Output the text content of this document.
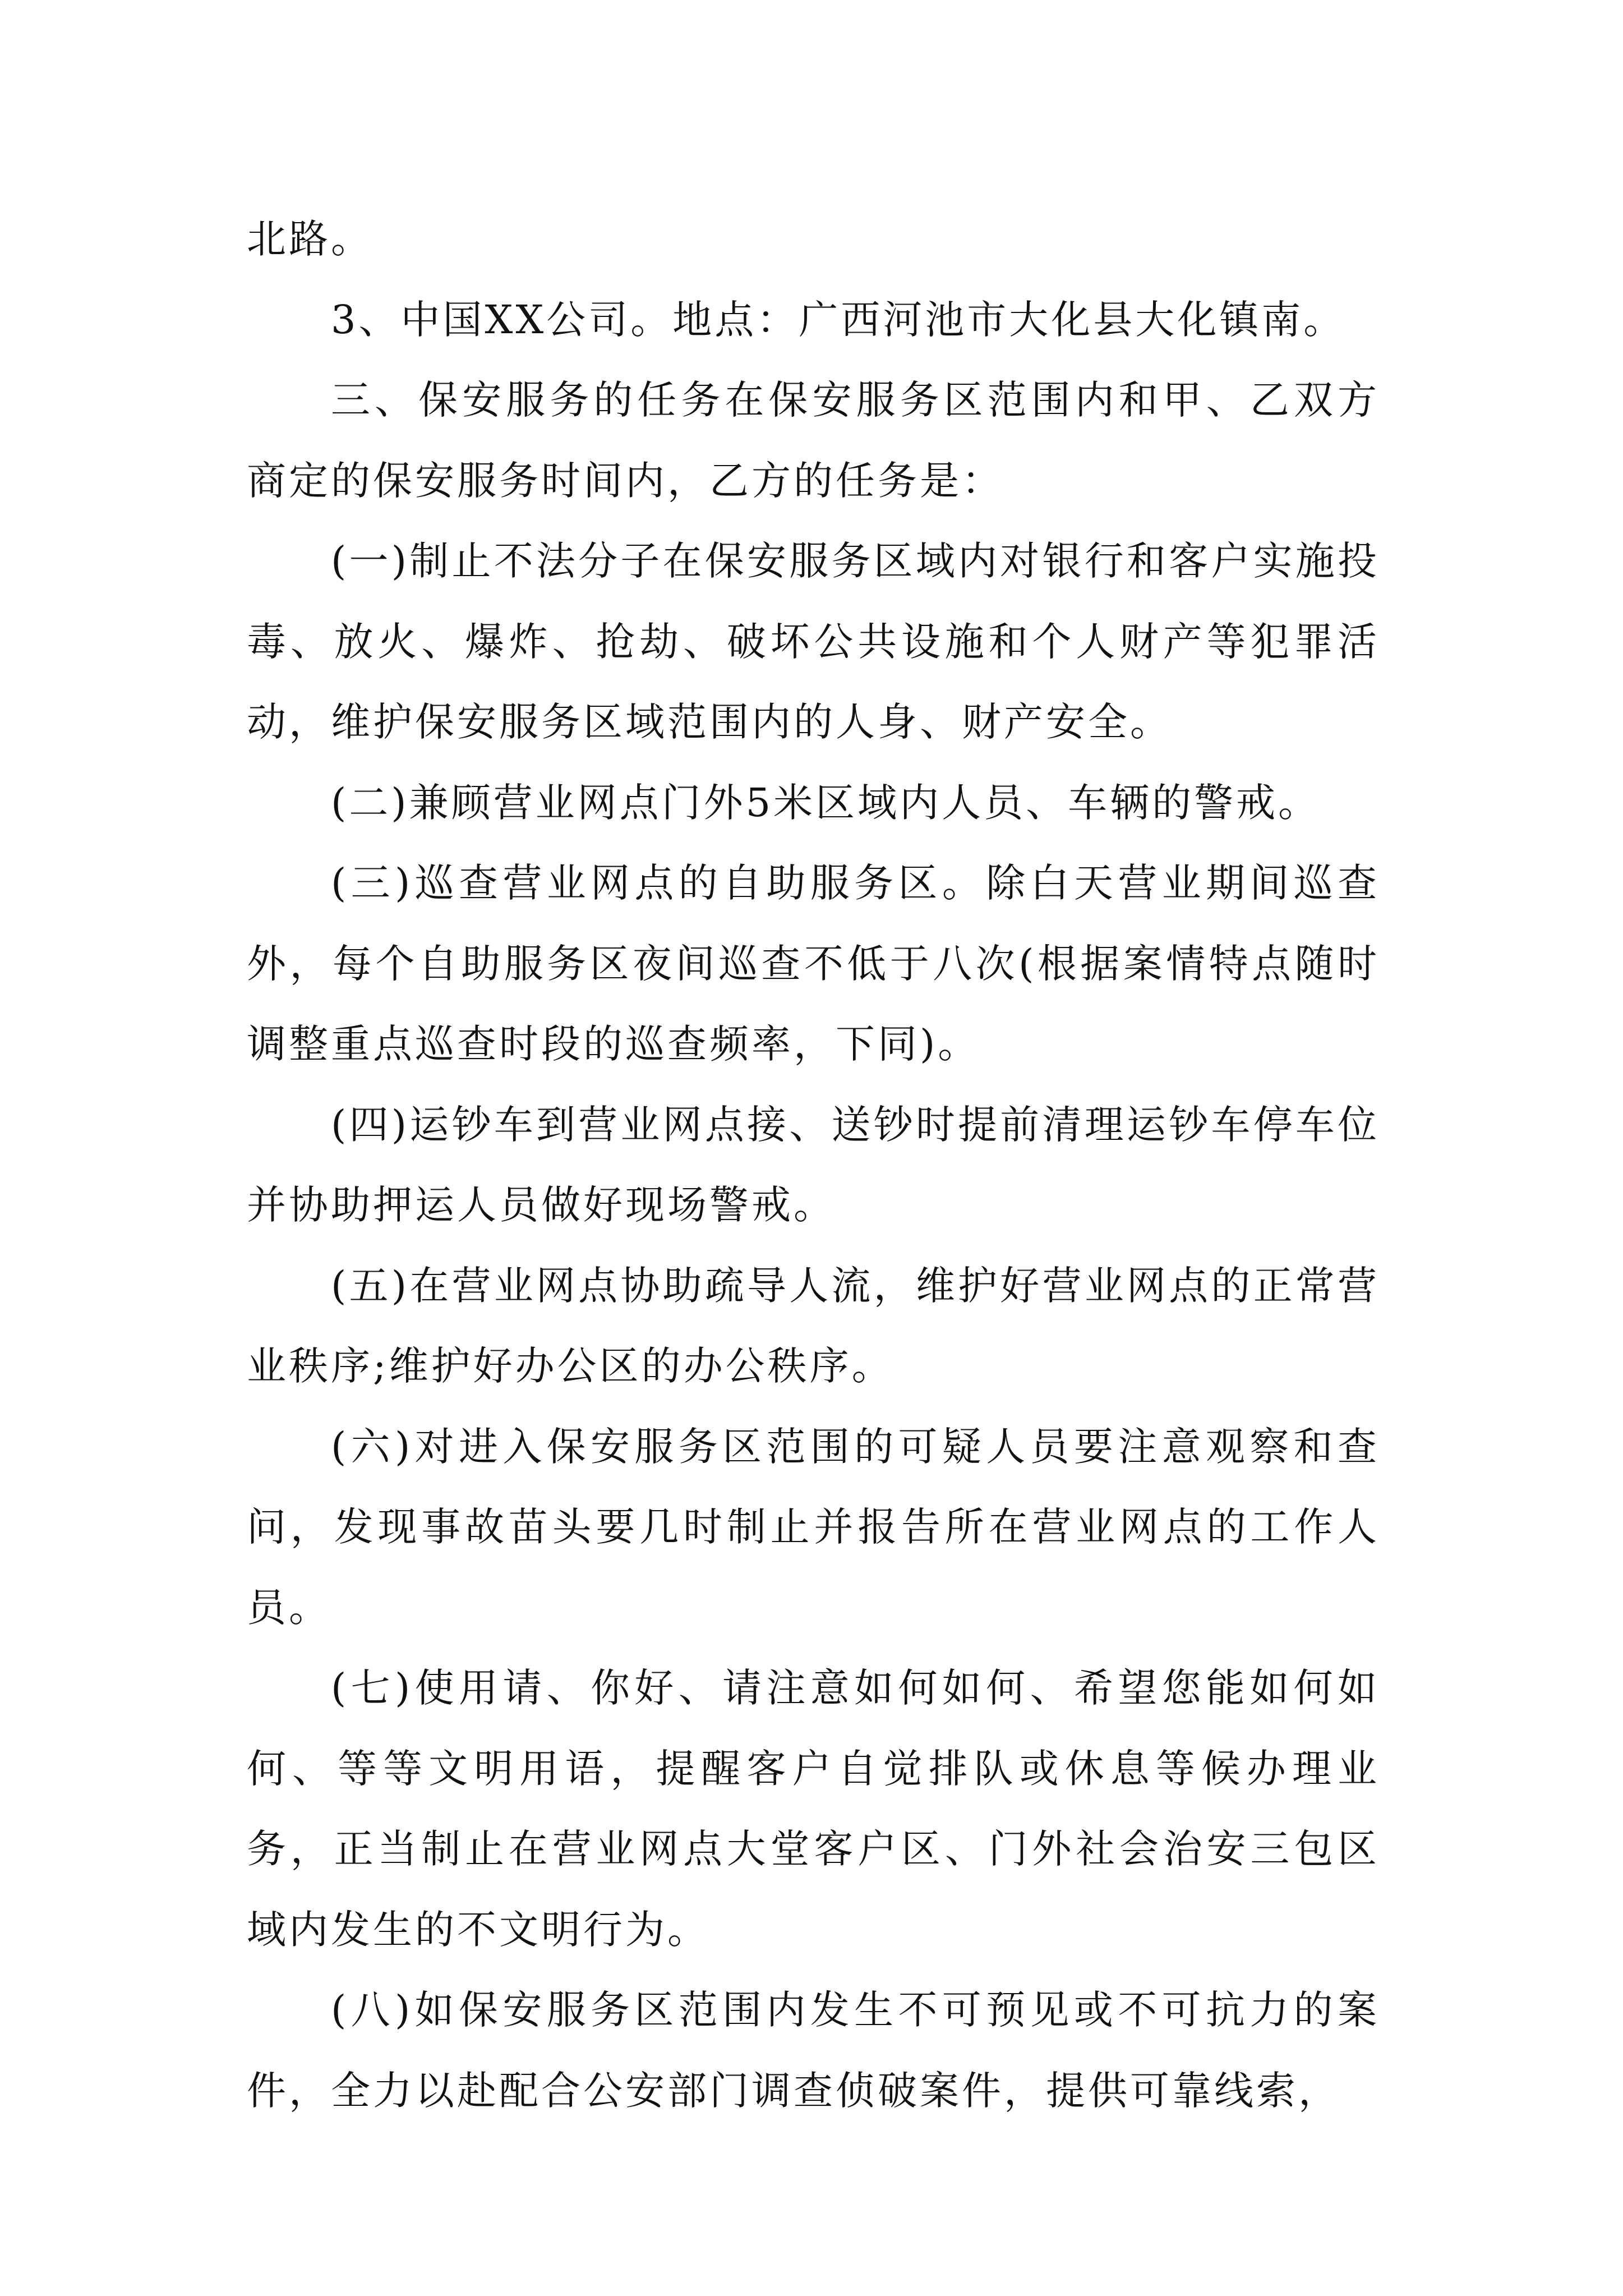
北路。

3、中国XX公司。地点：广西河池市大化县大化镇南。

三、保安服务的任务在保安服务区范围内和甲、乙双方商定的保安服务时间内，乙方的任务是：

(一)制止不法分子在保安服务区域内对银行和客户实施投毒、放火、爆炸、抢劫、破坏公共设施和个人财产等犯罪活动，维护保安服务区域范围内的人身、财产安全。

(二)兼顾营业网点门外5米区域内人员、车辆的警戒。

(三)巡查营业网点的自助服务区。除白天营业期间巡查外，每个自助服务区夜间巡查不低于八次(根据案情特点随时调整重点巡查时段的巡查频率，下同)。

(四)运钞车到营业网点接、送钞时提前清理运钞车停车位并协助押运人员做好现场警戒。

(五)在营业网点协助疏导人流，维护好营业网点的正常营业秩序;维护好办公区的办公秩序。

(六)对进入保安服务区范围的可疑人员要注意观察和查问，发现事故苗头要几时制止并报告所在营业网点的工作人员。

(七)使用请、你好、请注意如何如何、希望您能如何如何、等等文明用语，提醒客户自觉排队或休息等候办理业务，正当制止在营业网点大堂客户区、门外社会治安三包区域内发生的不文明行为。

(八)如保安服务区范围内发生不可预见或不可抗力的案件，全力以赴配合公安部门调查侦破案件，提供可靠线索，
